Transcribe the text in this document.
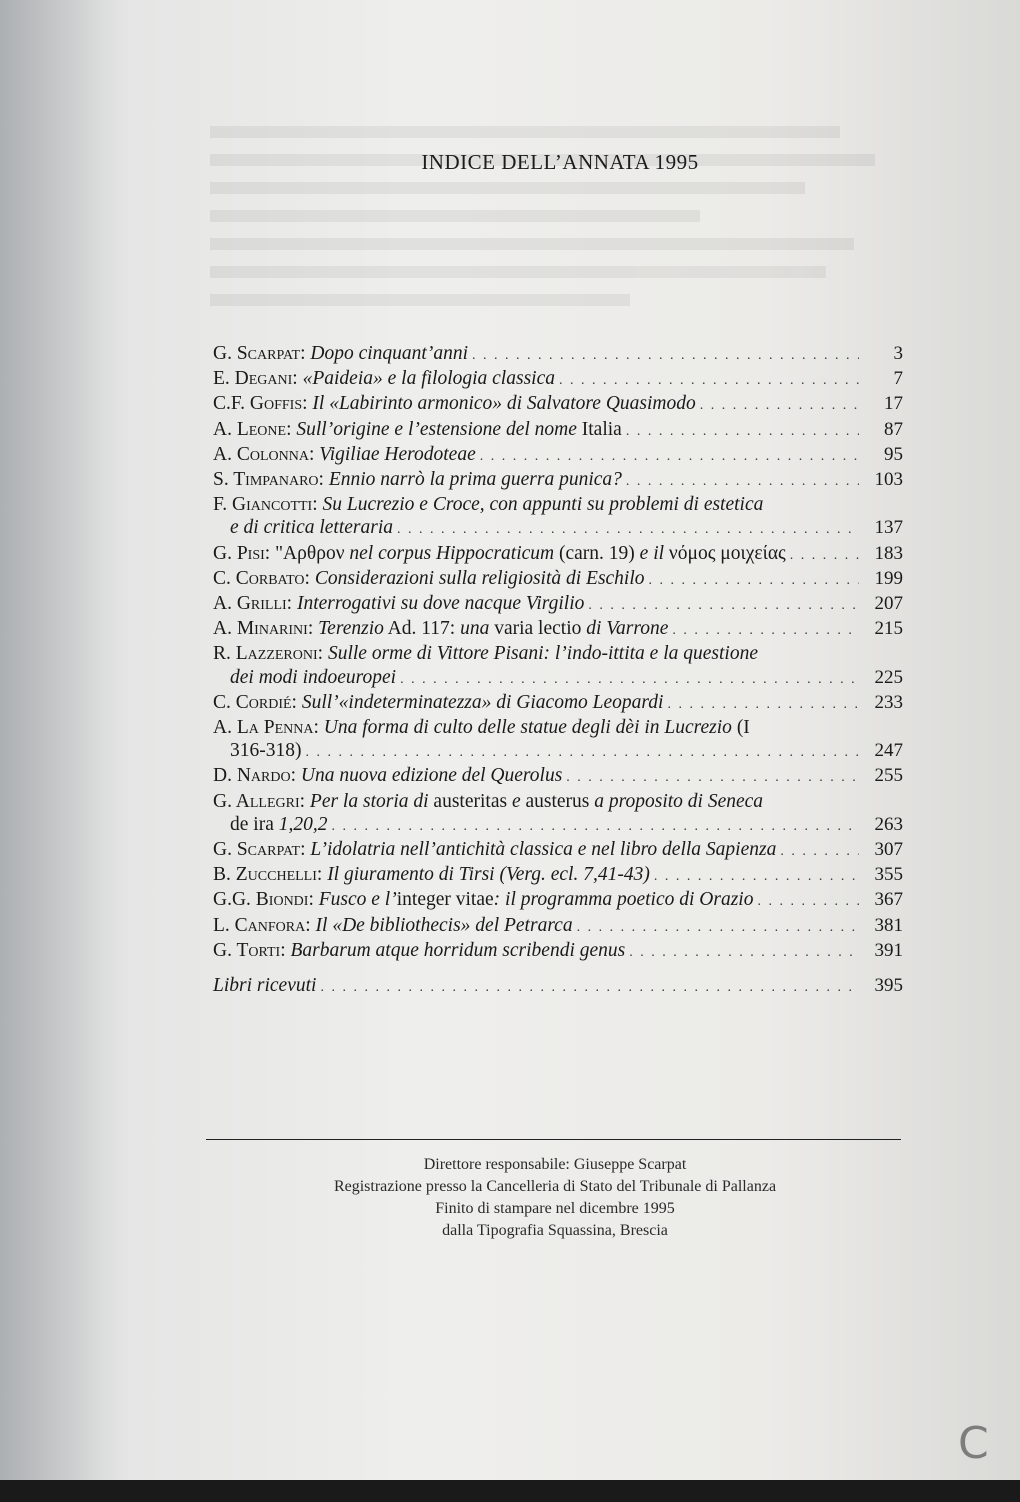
INDICE DELL’ANNATA 1995
G. Scarpat: Dopo cinquant’anni . . .	3
E. Degani: «Paideia» e la filologia classica . . .	7
C.F. Goffis: Il «Labirinto armonico» di Salvatore Quasimodo . . .	17
A. Leone: Sull’origine e l’estensione del nome Italia . . .	87
A. Colonna: Vigiliae Herodoteae . . .	95
S. Timpanaro: Ennio narrò la prima guerra punica? . . .	103
F. Giancotti: Su Lucrezio e Croce, con appunti su problemi di estetica
e di critica letteraria . . .	137
G. Pisi: "Αρθρον nel corpus Hippocraticum (carn. 19) e il νόμος μοιχείας . . .	183
C. Corbato: Considerazioni sulla religiosità di Eschilo . . .	199
A. Grilli: Interrogativi su dove nacque Virgilio . . .	207
A. Minarini: Terenzio Ad. 117: una varia lectio di Varrone . . .	215
R. Lazzeroni: Sulle orme di Vittore Pisani: l’indo-ittita e la questione
dei modi indoeuropei . . .	225
C. Cordié: Sull’«indeterminatezza» di Giacomo Leopardi . . .	233
A. La Penna: Una forma di culto delle statue degli dèi in Lucrezio (I
316-318) . . .	247
D. Nardo: Una nuova edizione del Querolus . . .	255
G. Allegri: Per la storia di austeritas e austerus a proposito di Seneca
de ira 1,20,2 . . .	263
G. Scarpat: L’idolatria nell’antichità classica e nel libro della Sapienza . . .	307
B. Zucchelli: Il giuramento di Tirsi (Verg. ecl. 7,41-43) . . .	355
G.G. Biondi: Fusco e l’integer vitae: il programma poetico di Orazio . . .	367
L. Canfora: Il «De bibliothecis» del Petrarca . . .	381
G. Torti: Barbarum atque horridum scribendi genus . . .	391
Libri ricevuti . . .	395
Direttore responsabile: Giuseppe Scarpat
Registrazione presso la Cancelleria di Stato del Tribunale di Pallanza
Finito di stampare nel dicembre 1995
dalla Tipografia Squassina, Brescia
C
